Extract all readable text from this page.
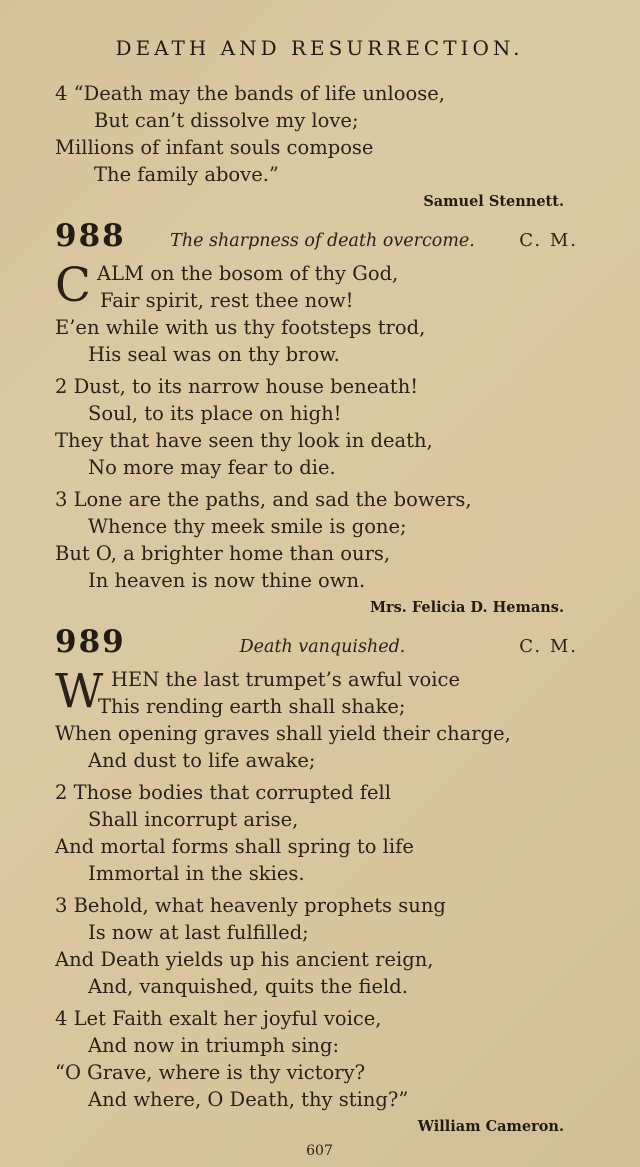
DEATH AND RESURRECTION.
4 “Death may the bands of life unloose,
But can’t dissolve my love;
Millions of infant souls compose
The family above.”
Samuel Stennett.
988	The sharpness of death overcome.	C. M.
C ALM on the bosom of thy God,
Fair spirit, rest thee now!
E’en while with us thy footsteps trod,
His seal was on thy brow.
2 Dust, to its narrow house beneath!
Soul, to its place on high!
They that have seen thy look in death,
No more may fear to die.
3 Lone are the paths, and sad the bowers,
Whence thy meek smile is gone;
But O, a brighter home than ours,
In heaven is now thine own.
Mrs. Felicia D. Hemans.
989	Death vanquished.	C. M.
W HEN the last trumpet’s awful voice
This rending earth shall shake;
When opening graves shall yield their charge,
And dust to life awake;
2 Those bodies that corrupted fell
Shall incorrupt arise,
And mortal forms shall spring to life
Immortal in the skies.
3 Behold, what heavenly prophets sung
Is now at last fulfilled;
And Death yields up his ancient reign,
And, vanquished, quits the field.
4 Let Faith exalt her joyful voice,
And now in triumph sing:
“O Grave, where is thy victory?
And where, O Death, thy sting?”
William Cameron.
607
